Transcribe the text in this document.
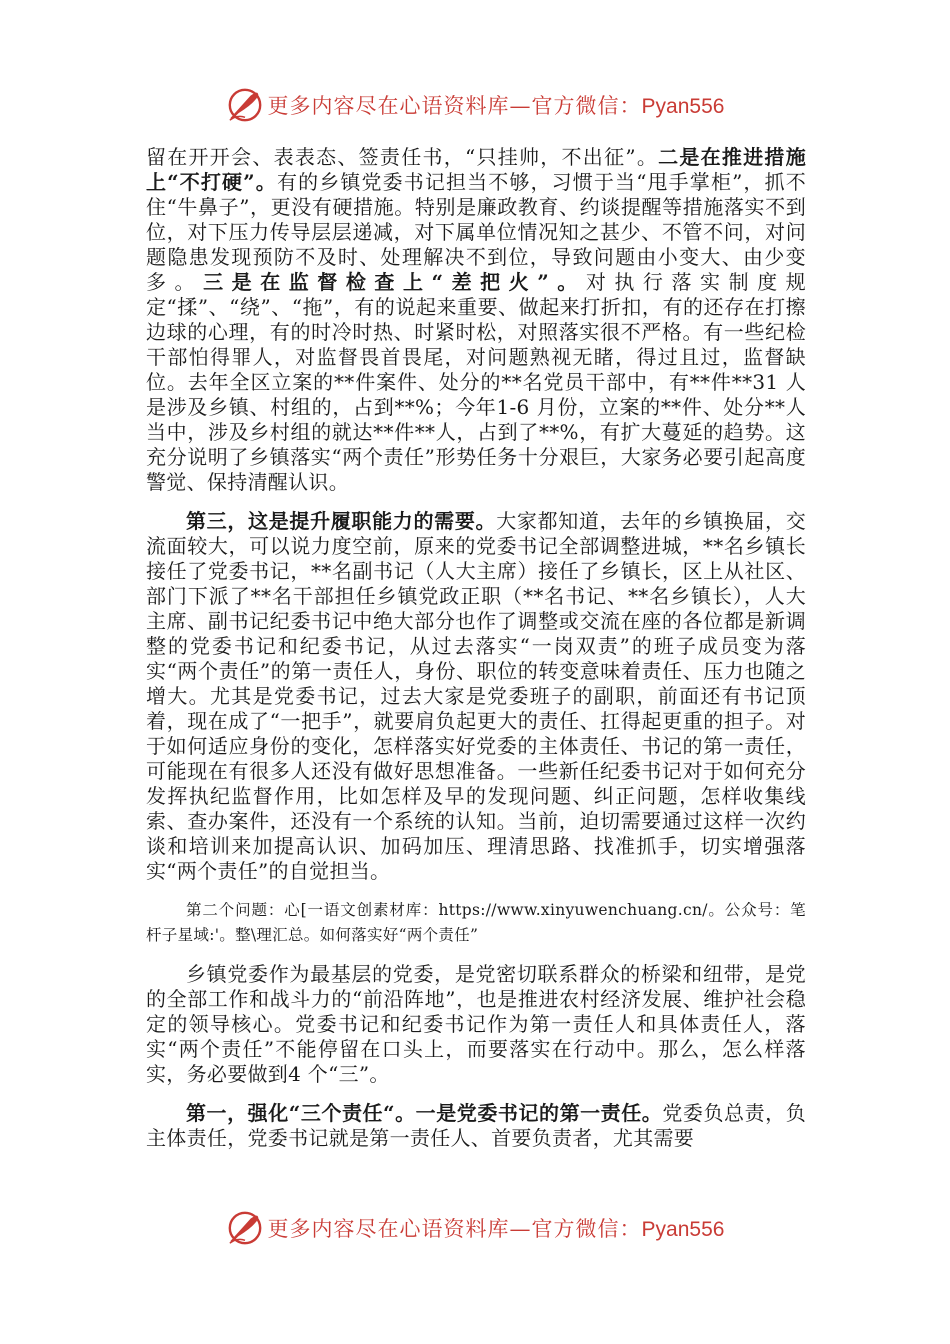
更多内容尽在心语资料库—官方微信：Pyan556

留在开开会、表表态、签责任书，“只挂帅，不出征”。二是在推进措施上“不打硬”。有的乡镇党委书记担当不够，习惯于当“甩手掌柜”，抓不住“牛鼻子”，更没有硬措施。特别是廉政教育、约谈提醒等措施落实不到位，对下压力传导层层递减，对下属单位情况知之甚少、不管不问，对问题隐患发现预防不及时、处理解决不到位，导致问题由小变大、由少变多。三是在监督检查上“差把火”。对执行落实制度规定“揉”、“绕”、“拖”，有的说起来重要、做起来打折扣，有的还存在打擦边球的心理，有的时冷时热、时紧时松，对照落实很不严格。有一些纪检干部怕得罪人，对监督畏首畏尾，对问题熟视无睹，得过且过，监督缺位。去年全区立案的**件案件、处分的**名党员干部中，有**件**31 人是涉及乡镇、村组的，占到**%；今年1-6 月份，立案的**件、处分**人当中，涉及乡村组的就达**件**人，占到了**%，有扩大蔓延的趋势。这充分说明了乡镇落实“两个责任”形势任务十分艰巨，大家务必要引起高度警觉、保持清醒认识。

第三，这是提升履职能力的需要。大家都知道，去年的乡镇换届，交流面较大，可以说力度空前，原来的党委书记全部调整进城，**名乡镇长接任了党委书记，**名副书记（人大主席）接任了乡镇长，区上从社区、部门下派了**名干部担任乡镇党政正职（**名书记、**名乡镇长），人大主席、副书记纪委书记中绝大部分也作了调整或交流在座的各位都是新调整的党委书记和纪委书记，从过去落实“一岗双责”的班子成员变为落实“两个责任”的第一责任人，身份、职位的转变意味着责任、压力也随之增大。尤其是党委书记，过去大家是党委班子的副职，前面还有书记顶着，现在成了“一把手”，就要肩负起更大的责任、扛得起更重的担子。对于如何适应身份的变化，怎样落实好党委的主体责任、书记的第一责任，可能现在有很多人还没有做好思想准备。一些新任纪委书记对于如何充分发挥执纪监督作用，比如怎样及早的发现问题、纠正问题，怎样收集线索、查办案件，还没有一个系统的认知。当前，迫切需要通过这样一次约谈和培训来加提高认识、加码加压、理清思路、找准抓手，切实增强落实“两个责任”的自觉担当。

第二个问题：心[一语文创素材库：https://www.xinyuwenchuang.cn/。公众号：笔杆子星域:'。整\理汇总。如何落实好“两个责任”

乡镇党委作为最基层的党委，是党密切联系群众的桥梁和纽带，是党的全部工作和战斗力的“前沿阵地”，也是推进农村经济发展、维护社会稳定的领导核心。党委书记和纪委书记作为第一责任人和具体责任人，落实“两个责任”不能停留在口头上，而要落实在行动中。那么，怎么样落实，务必要做到4 个“三”。

第一，强化“三个责任“。一是党委书记的第一责任。党委负总责，负主体责任，党委书记就是第一责任人、首要负责者，尤其需要

更多内容尽在心语资料库—官方微信：Pyan556
